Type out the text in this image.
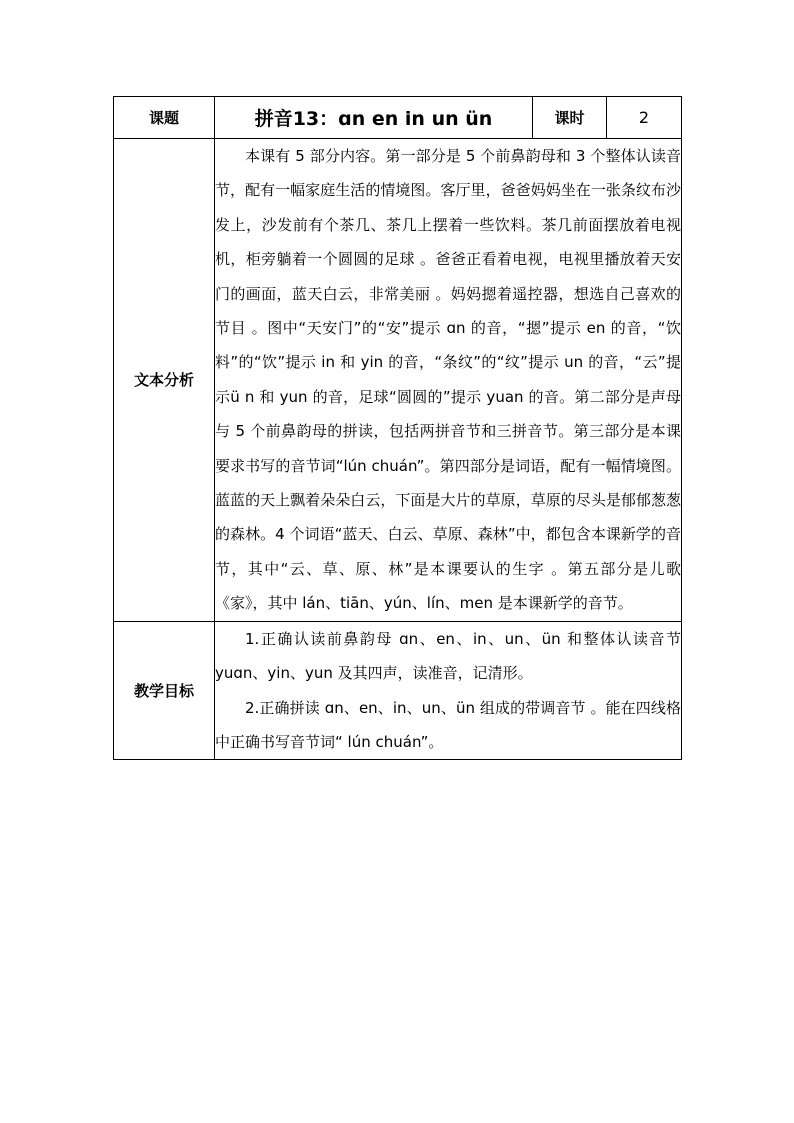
课题	拼音13：ɑn en in un ün	课时	2
文本分析	本课有 5 部分内容。第一部分是 5 个前鼻韵母和 3 个整体认读音节，配有一幅家庭生活的情境图。客厅里，爸爸妈妈坐在一张条纹布沙发上，沙发前有个茶几、茶几上摆着一些饮料。茶几前面摆放着电视机，柜旁躺着一个圆圆的足球 。爸爸正看着电视，电视里播放着天安门的画面，蓝天白云，非常美丽 。妈妈摁着遥控器，想选自己喜欢的节目 。图中“天安门”的“安”提示 ɑn 的音，“摁”提示 en 的音，“饮料”的“饮”提示 in 和 yin 的音，“条纹”的“纹”提示 un 的音，“云”提示ü n 和 yun 的音，足球“圆圆的”提示 yuan 的音。第二部分是声母与 5 个前鼻韵母的拼读，包括两拼音节和三拼音节。第三部分是本课要求书写的音节词“lún chuán”。第四部分是词语，配有一幅情境图。蓝蓝的天上飘着朵朵白云，下面是大片的草原，草原的尽头是郁郁葱葱的森林。4 个词语“蓝天、白云、草原、森林”中，都包含本课新学的音节，其中“云、草、原、林”是本课要认的生字 。第五部分是儿歌《家》，其中 lán、tiān、yún、lín、men 是本课新学的音节。		

教学目标	1.正确认读前鼻韵母 ɑn、en、in、un、ün 和整体认读音节 yuɑn、yin、yun 及其四声，读准音，记清形。

2.正确拼读 ɑn、en、in、un、ün 组成的带调音节 。能在四线格中正确书写音节词“ lún chuán”。		
